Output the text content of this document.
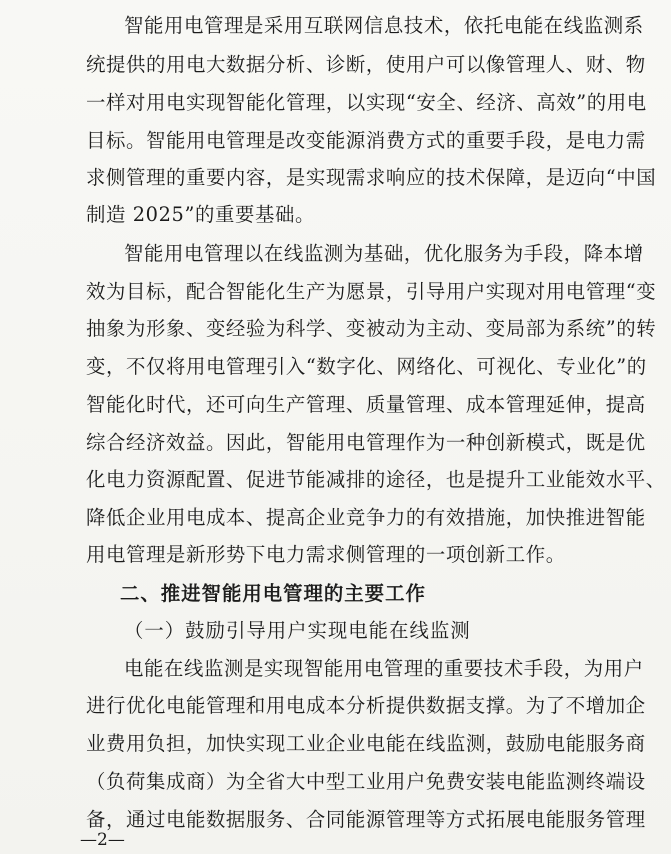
智能用电管理是采用互联网信息技术，依托电能在线监测系
统提供的用电大数据分析、诊断，使用户可以像管理人、财、物
一样对用电实现智能化管理，以实现“安全、经济、高效”的用电
目标。智能用电管理是改变能源消费方式的重要手段，是电力需
求侧管理的重要内容，是实现需求响应的技术保障，是迈向“中国
制造 2025”的重要基础。
智能用电管理以在线监测为基础，优化服务为手段，降本增
效为目标，配合智能化生产为愿景，引导用户实现对用电管理“变
抽象为形象、变经验为科学、变被动为主动、变局部为系统”的转
变，不仅将用电管理引入“数字化、网络化、可视化、专业化”的
智能化时代，还可向生产管理、质量管理、成本管理延伸，提高
综合经济效益。因此，智能用电管理作为一种创新模式，既是优
化电力资源配置、促进节能减排的途径，也是提升工业能效水平、
降低企业用电成本、提高企业竞争力的有效措施，加快推进智能
用电管理是新形势下电力需求侧管理的一项创新工作。
二、推进智能用电管理的主要工作
（一）鼓励引导用户实现电能在线监测
电能在线监测是实现智能用电管理的重要技术手段，为用户
进行优化电能管理和用电成本分析提供数据支撑。为了不增加企
业费用负担，加快实现工业企业电能在线监测，鼓励电能服务商
（负荷集成商）为全省大中型工业用户免费安装电能监测终端设
备，通过电能数据服务、合同能源管理等方式拓展电能服务管理
—2—
